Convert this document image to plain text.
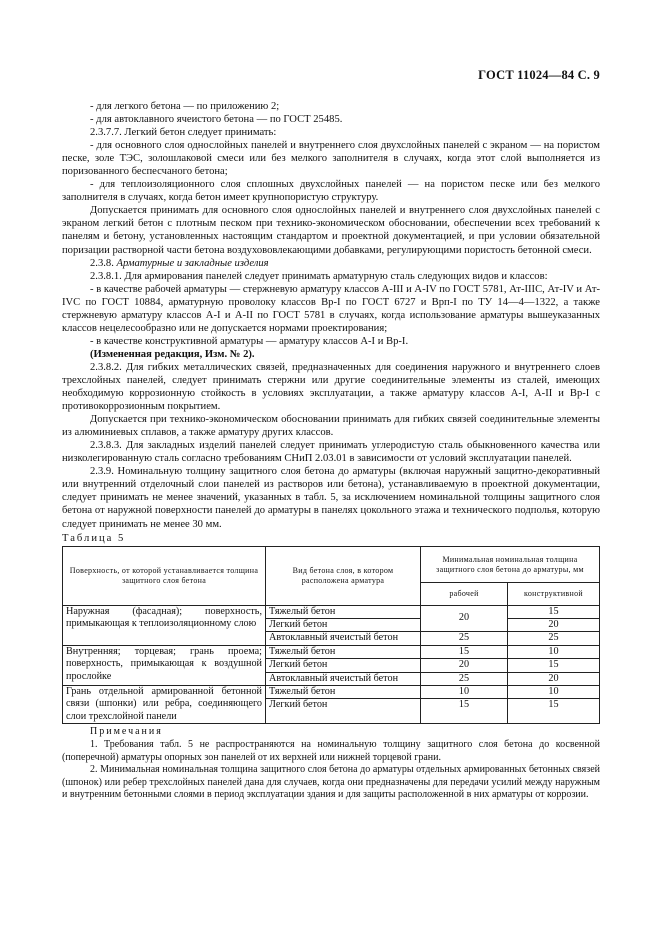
ГОСТ 11024—84 С. 9

- для легкого бетона — по приложению 2;

- для автоклавного ячеистого бетона — по ГОСТ 25485.

2.3.7.7. Легкий бетон следует принимать:

- для основного слоя однослойных панелей и внутреннего слоя двухслойных панелей с экраном — на пористом песке, золе ТЭС, золошлаковой смеси или без мелкого заполнителя в случаях, когда этот слой выполняется из поризованного беспесчаного бетона;

- для теплоизоляционного слоя сплошных двухслойных панелей — на пористом песке или без мелкого заполнителя в случаях, когда бетон имеет крупнопористую структуру.

Допускается принимать для основного слоя однослойных панелей и внутреннего слоя двухслойных панелей с экраном легкий бетон с плотным песком при технико-экономическом обосновании, обеспечении всех требований к панелям и бетону, установленных настоящим стандартом и проектной документацией, и при условии обязательной поризации растворной части бетона воздухововлекающими добавками, регулирующими пористость бетонной смеси.

2.3.8. Арматурные и закладные изделия

2.3.8.1. Для армирования панелей следует принимать арматурную сталь следующих видов и классов:

- в качестве рабочей арматуры — стержневую арматуру классов А-III и А-IV по ГОСТ 5781, Ат-IIIС, Ат-IV и Ат-IVС по ГОСТ 10884, арматурную проволоку классов Вр-I по ГОСТ 6727 и Врп-I по ТУ 14—4—1322, а также стержневую арматуру классов А-I и А-II по ГОСТ 5781 в случаях, когда использование арматуры вышеуказанных классов нецелесообразно или не допускается нормами проектирования;

- в качестве конструктивной арматуры — арматуру классов А-I и Вр-I.

(Измененная редакция, Изм. № 2).

2.3.8.2. Для гибких металлических связей, предназначенных для соединения наружного и внутреннего слоев трехслойных панелей, следует принимать стержни или другие соединительные элементы из сталей, имеющих необходимую коррозионную стойкость в условиях эксплуатации, а также арматуру классов А-I, А-II и Вр-I с противокоррозионным покрытием.

Допускается при технико-экономическом обосновании принимать для гибких связей соединительные элементы из алюминиевых сплавов, а также арматуру других классов.

2.3.8.3. Для закладных изделий панелей следует принимать углеродистую сталь обыкновенного качества или низколегированную сталь согласно требованиям СНиП 2.03.01 в зависимости от условий эксплуатации панелей.

2.3.9. Номинальную толщину защитного слоя бетона до арматуры (включая наружный защитно-декоративный или внутренний отделочный слои панелей из растворов или бетона), устанавливаемую в проектной документации, следует принимать не менее значений, указанных в табл. 5, за исключением номинальной толщины защитного слоя бетона от наружной поверхности панелей до арматуры в панелях цокольного этажа и технического подполья, которую следует принимать не менее 30 мм.

Таблица 5

Поверхность, от которой устанавливается толщина защитного слоя бетона	Вид бетона слоя, в котором расположена арматура	Минимальная номинальная толщина защитного слоя бетона до арматуры, мм	
		рабочей	конструктивной
Наружная (фасадная); поверхность, примыкающая к теплоизоляционному слою	Тяжелый бетон	20	15
	Легкий бетон		20
	Автоклавный ячеистый бетон	25	25
Внутренняя; торцевая; грань проема; поверхность, примыкающая к воздушной прослойке	Тяжелый бетон	15	10
	Легкий бетон	20	15
	Автоклавный ячеистый бетон	25	20
Грань отдельной армированной бетонной связи (шпонки) или ребра, соединяющего слои трехслойной панели	Тяжелый бетон	10	10
	Легкий бетон	15	15

Примечания

1. Требования табл. 5 не распространяются на номинальную толщину защитного слоя бетона до косвенной (поперечной) арматуры опорных зон панелей от их верхней или нижней торцевой грани.

2. Минимальная номинальная толщина защитного слоя бетона до арматуры отдельных армированных бетонных связей (шпонок) или ребер трехслойных панелей дана для случаев, когда они предназначены для передачи усилий между наружным и внутренним бетонными слоями в период эксплуатации здания и для защиты расположенной в них арматуры от коррозии.
